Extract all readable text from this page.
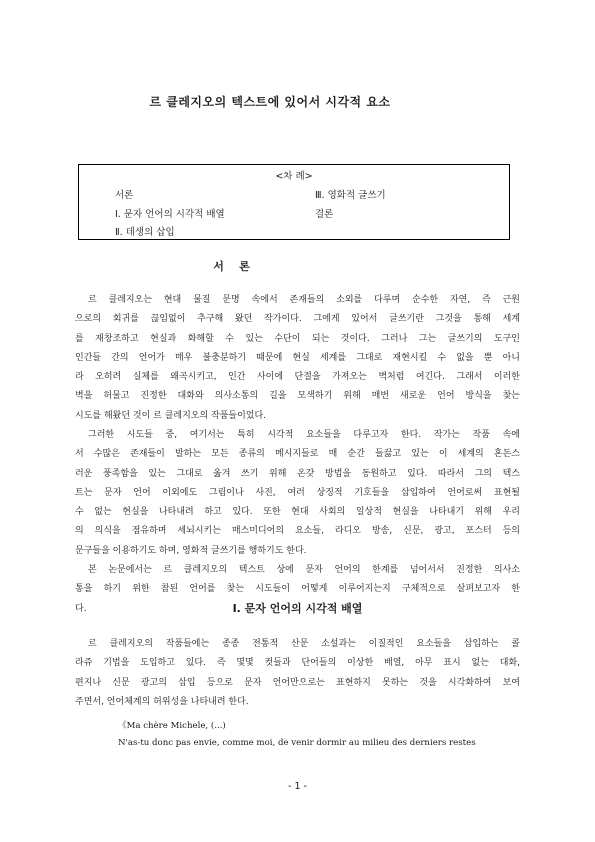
르 클레지오의 텍스트에 있어서 시각적 요소
<차 례>
서론
Ⅰ. 문자 언어의 시각적 배열
Ⅱ. 데생의 삽입
Ⅲ. 영화적 글쓰기
결론
서    론
르 클레지오는 현대 물질 문명 속에서 존재들의 소외를 다루며 순수한 자연, 즉 근원
으로의 회귀를 끊임없이 추구해 왔던 작가이다. 그에게 있어서 글쓰기란 그것을 통해 세계
를 재창조하고 현실과 화해할 수 있는 수단이 되는 것이다. 그러나 그는 글쓰기의 도구인
인간들 간의 언어가 매우 불충분하기 때문에 현실 세계를 그대로 재현시킬 수 없을 뿐 아니
라 오히려 실체를 왜곡시키고, 인간 사이에 단절을 가져오는 벽처럼 여긴다. 그래서 이러한
벽을 허물고 진정한 대화와 의사소통의 길을 모색하기 위해 매번 새로운 언어 방식을 찾는
시도를 해왔던 것이 르 클레지오의 작품들이었다.
그러한 시도들 중, 여기서는 특히 시각적 요소들을 다루고자 한다. 작가는 작품 속에
서 수많은 존재들이 발하는 모든 종류의 메시지들로 매 순간 들끓고 있는 이 세계의 혼돈스
러운 풍족함을 있는 그대로 옮겨 쓰기 위해 온갖 방법을 동원하고 있다. 따라서 그의 텍스
트는 문자 언어 이외에도 그림이나 사진, 여러 상징적 기호들을 삽입하여 언어로써 표현될
수 없는 현실을 나타내려 하고 있다. 또한 현대 사회의 일상적 현실을 나타내기 위해 우리
의 의식을 점유하며 세뇌시키는 매스미디어의 요소들, 라디오 방송, 신문, 광고, 포스터 등의
문구들을 이용하기도 하며, 영화적 글쓰기를 행하기도 한다.
본 논문에서는 르 클레지오의 텍스트 상에 문자 언어의 한계를 넘어서서 진정한 의사소
통을 하기 위한 참된 언어를 찾는 시도들이 어떻게 이루어지는지 구체적으로 살펴보고자 한
다.	Ⅰ. 문자 언어의 시각적 배열
르 클레지오의 작품들에는 종종 전통적 산문 소설과는 이질적인 요소들을 삽입하는 콜
라쥬 기법을 도입하고 있다. 즉 몇몇 컷들과 단어들의 이상한 배열, 아무 표시 없는 대화,
편지나 신문 광고의 삽입 등으로 문자 언어만으로는 표현하지 못하는 것을 시각화하여 보여
주면서, 언어체계의 허위성을 나타내려 한다.
《Ma chère Michele, (...)
N'as-tu donc pas envie, comme moi, de venir dormir au milieu des derniers restes
- 1 -
